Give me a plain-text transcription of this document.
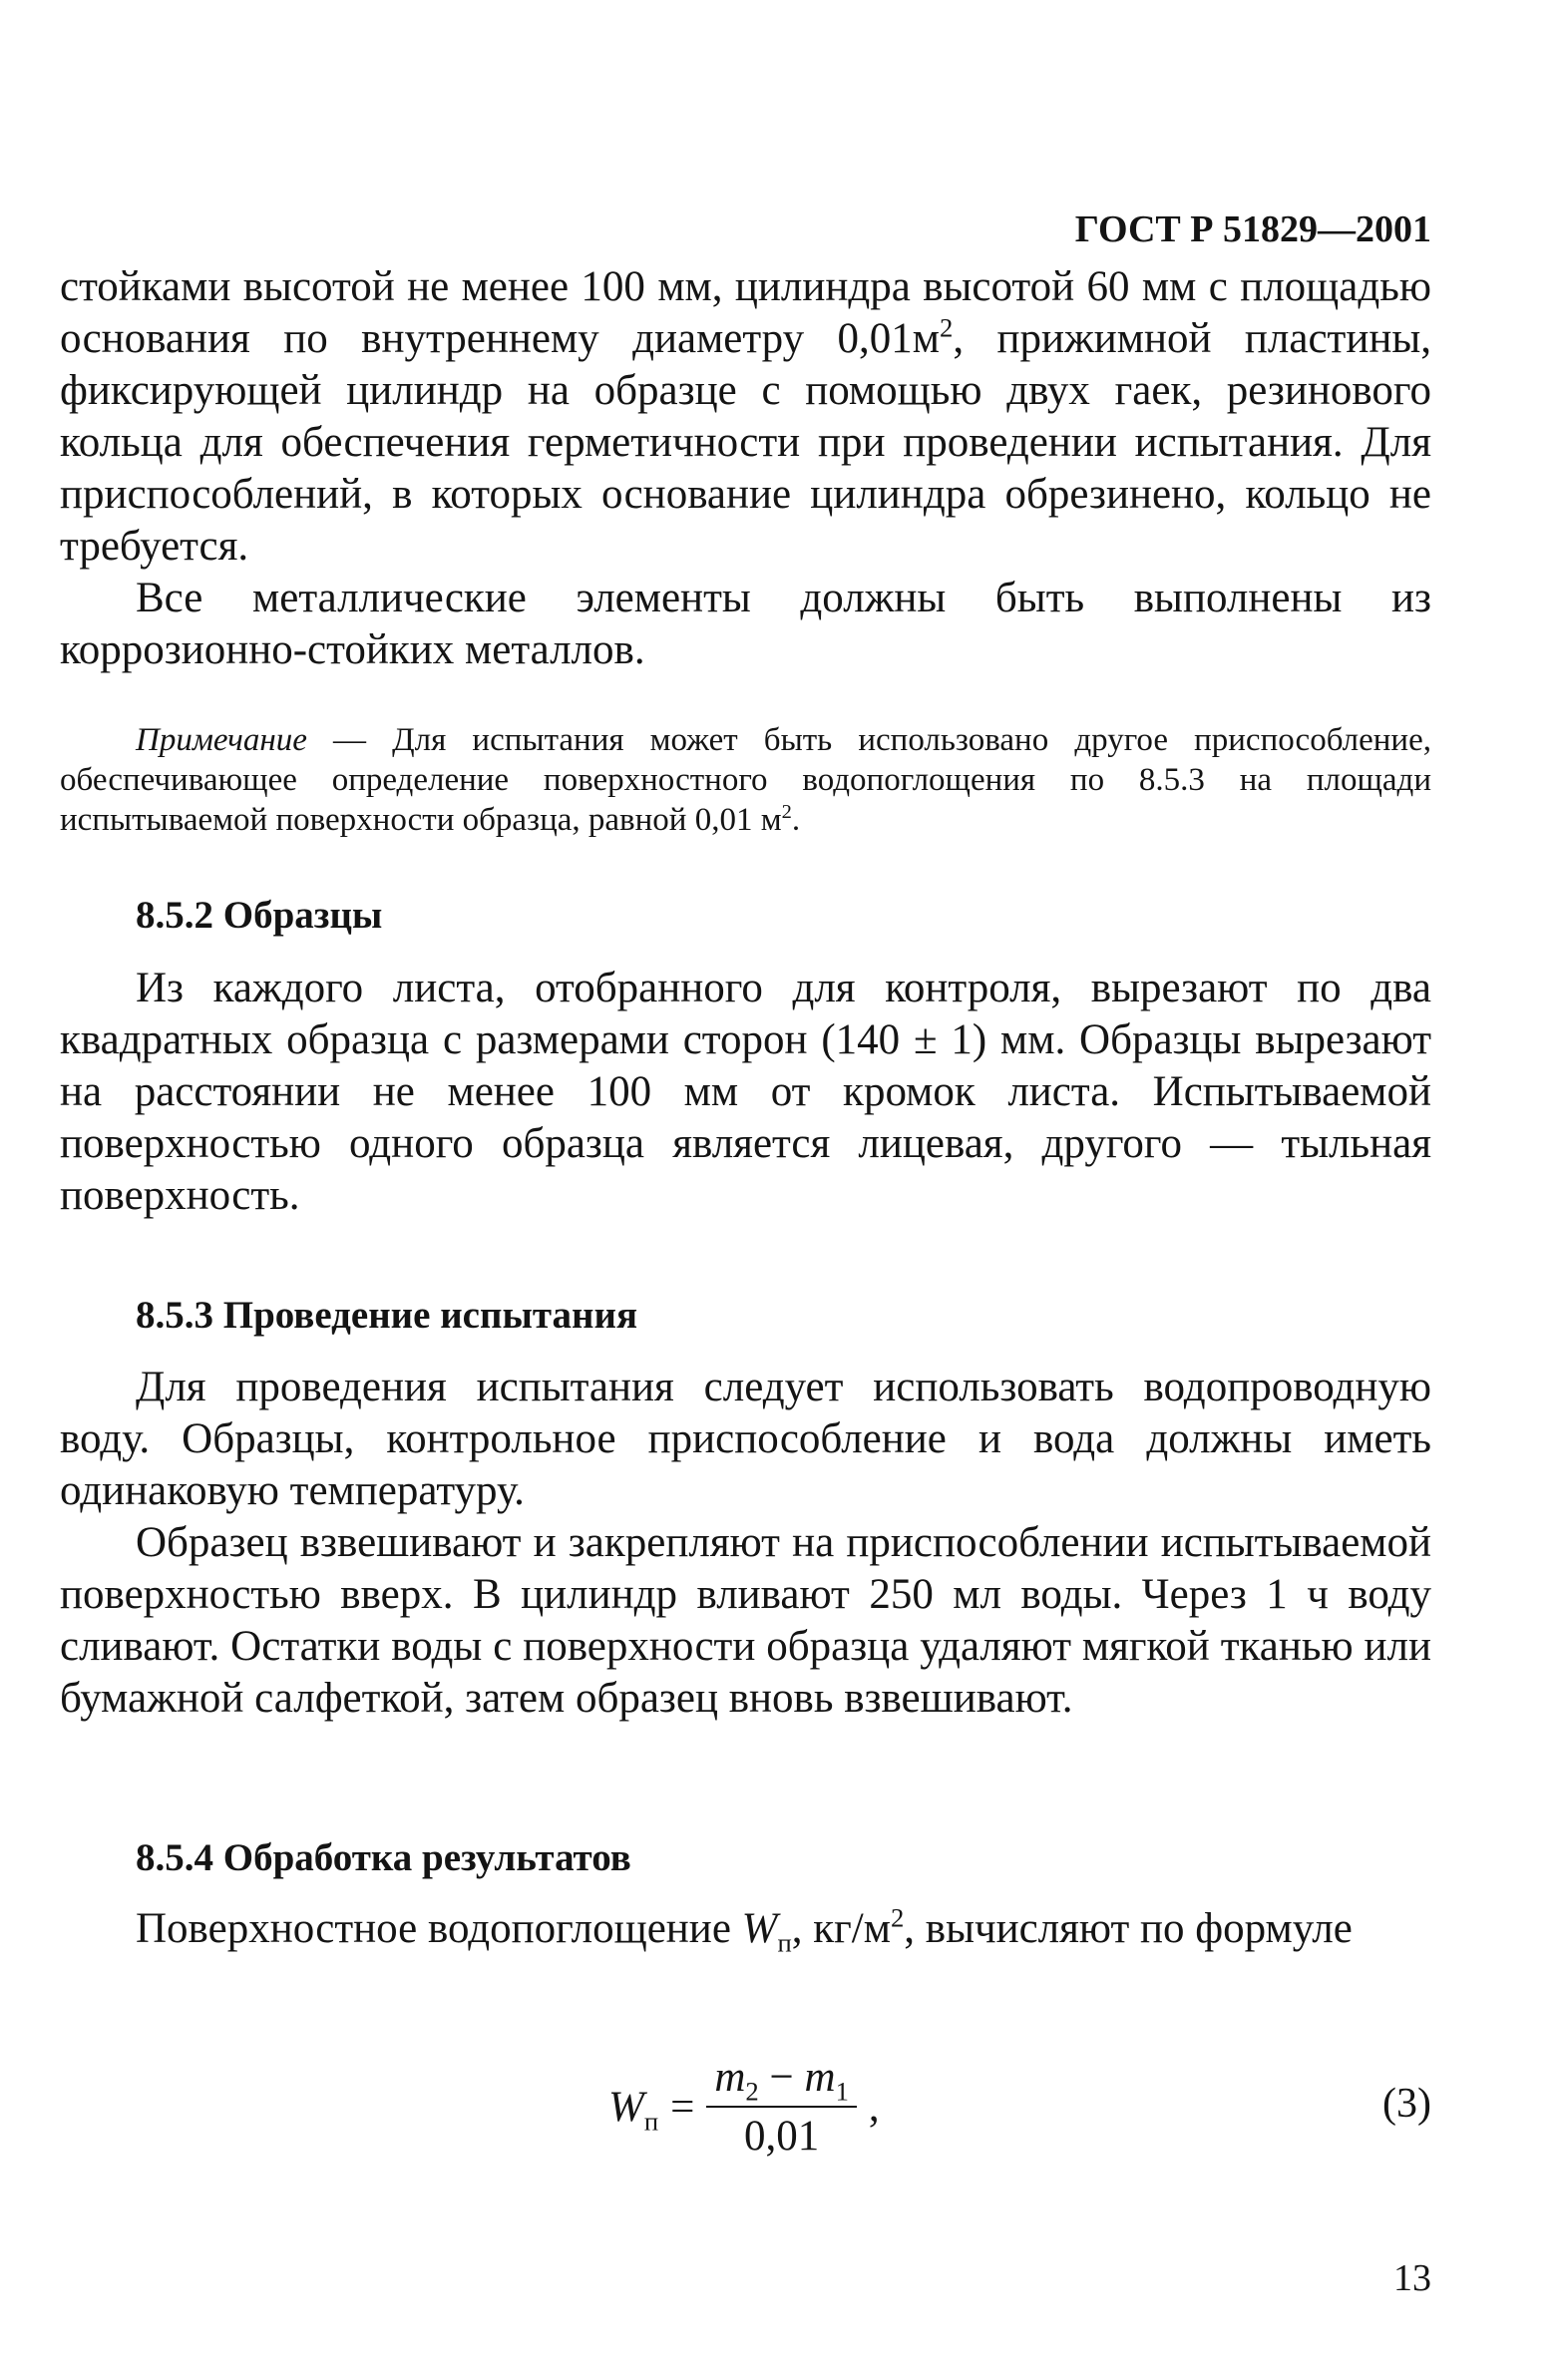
ГОСТ Р 51829—2001

стойками высотой не менее 100 мм, цилиндра высотой 60 мм с площадью основания по внутреннему диаметру $0,01м^2$, прижимной пластины, фиксирующей цилиндр на образце с помощью двух гаек, резинового кольца для обеспечения герметичности при проведении испытания. Для приспособлений, в которых основание цилиндра обрезинено, кольцо не требуется.

Все металлические элементы должны быть выполнены из коррозионно-стойких металлов.

Примечание — Для испытания может быть использовано другое приспособление, обеспечивающее определение поверхностного водопоглощения по 8.5.3 на площади испытываемой поверхности образца, равной 0,01 $м^2$.
8.5.2 Образцы

Из каждого листа, отобранного для контроля, вырезают по два квадратных образца с размерами сторон (140 ± 1) мм. Образцы вырезают на расстоянии не менее 100 мм от кромок листа. Испытываемой поверхностью одного образца является лицевая, другого — тыльная поверхность.

8.5.3 Проведение испытания

Для проведения испытания следует использовать водопроводную воду. Образцы, контрольное приспособление и вода должны иметь одинаковую температуру.

Образец взвешивают и закрепляют на приспособлении испытываемой поверхностью вверх. В цилиндр вливают 250 мл воды. Через 1 ч воду сливают. Остатки воды с поверхности образца удаляют мягкой тканью или бумажной салфеткой, затем образец вновь взвешивают.

8.5.4 Обработка результатов

Поверхностное водопоглощение $W_п$, $кг/м^2$, вычисляют по формуле

$W_п = \frac{m_2 - m_1}{0,01}$ ,	(3)
13
